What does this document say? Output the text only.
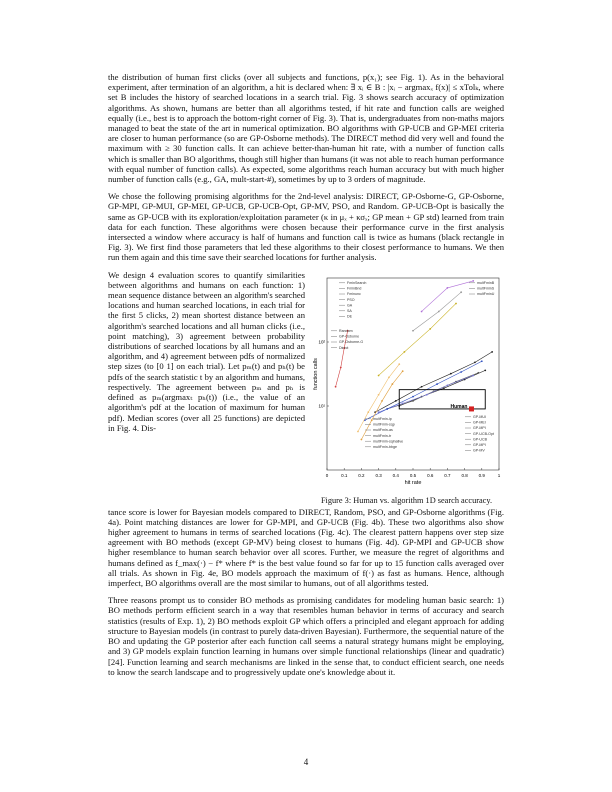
the distribution of human first clicks (over all subjects and functions, p(x₁); see Fig. 1). As in the behavioral experiment, after termination of an algorithm, a hit is declared when: ∃ xᵢ ∈ B : |xᵢ − argmaxₓ f(x)| ≤ xTolₖ, where set B includes the history of searched locations in a search trial. Fig. 3 shows search accuracy of optimization algorithms. As shown, humans are better than all algorithms tested, if hit rate and function calls are weighed equally (i.e., best is to approach the bottom-right corner of Fig. 3). That is, undergraduates from non-maths majors managed to beat the state of the art in numerical optimization. BO algorithms with GP-UCB and GP-MEI criteria are closer to human performance (so are GP-Osborne methods). The DIRECT method did very well and found the maximum with ≥ 30 function calls. It can achieve better-than-human hit rate, with a number of function calls which is smaller than BO algorithms, though still higher than humans (it was not able to reach human performance with equal number of function calls). As expected, some algorithms reach human accuracy but with much higher number of function calls (e.g., GA, mult-start-#), sometimes by up to 3 orders of magnitude.

We chose the following promising algorithms for the 2nd-level analysis: DIRECT, GP-Osborne-G, GP-Osborne, GP-MPI, GP-MUI, GP-MEI, GP-UCB, GP-UCB-Opt, GP-MV, PSO, and Random. GP-UCB-Opt is basically the same as GP-UCB with its exploration/exploitation parameter (κ in μₓ + κσₓ; GP mean + GP std) learned from train data for each function. These algorithms were chosen because their performance curve in the first analysis intersected a window where accuracy is half of humans and function call is twice as humans (black rectangle in Fig. 3). We first find those parameters that led these algorithms to their closest performance to humans. We then run them again and this time save their searched locations for further analysis.

We design 4 evaluation scores to quantify similarities between algorithms and humans on each function: 1) mean sequence distance between an algorithm's searched locations and human searched locations, in each trial for the first 5 clicks, 2) mean shortest distance between an algorithm's searched locations and all human clicks (i.e., point matching), 3) agreement between probability distributions of searched locations by all humans and an algorithm, and 4) agreement between pdfs of normalized step sizes (to [0 1] on each trial). Let pₘ(t) and pₕ(t) be pdfs of the search statistic t by an algorithm and humans, respectively. The agreement between pₘ and pₕ is defined as pₘ(argmaxₜ pₕ(t)) (i.e., the value of an algorithm's pdf at the location of maximum for human pdf). Median scores (over all 25 functions) are depicted in Fig. 4. Dis-

0	0.1 0.2 0.3 0.4 0.5 0.6 0.7 0.8 0.9	1
10¹
10²
hit rate
function calls
Human
FminSearch
FminBnd
Fminunc
PSO
GA
SA
DE
Random
GP-Osborne
GP-Osborne-G
Direct
multFminB
multFminS
multFminU
multFmin-ip
multFmin-sqp
multFmin-as
multFmin-tr
multFmin-sqlnative
multFmin-bbge
GP-MUI
GP-MEI
GP-MPI
GP-UCB-Opt
GP-UCB
GP-MPI
GP-MV
Figure 3: Human vs. algorithm 1D search accuracy.

tance score is lower for Bayesian models compared to DIRECT, Random, PSO, and GP-Osborne algorithms (Fig. 4a). Point matching distances are lower for GP-MPI, and GP-UCB (Fig. 4b). These two algorithms also show higher agreement to humans in terms of searched locations (Fig. 4c). The clearest pattern happens over step size agreement with BO methods (except GP-MV) being closest to humans (Fig. 4d). GP-MPI and GP-UCB show higher resemblance to human search behavior over all scores. Further, we measure the regret of algorithms and humans defined as f_max(·) − f* where f* is the best value found so far for up to 15 function calls averaged over all trials. As shown in Fig. 4e, BO models approach the maximum of f(·) as fast as humans. Hence, although imperfect, BO algorithms overall are the most similar to humans, out of all algorithms tested.

Three reasons prompt us to consider BO methods as promising candidates for modeling human basic search: 1) BO methods perform efficient search in a way that resembles human behavior in terms of accuracy and search statistics (results of Exp. 1), 2) BO methods exploit GP which offers a principled and elegant approach for adding structure to Bayesian models (in contrast to purely data-driven Bayesian). Furthermore, the sequential nature of the BO and updating the GP posterior after each function call seems a natural strategy humans might be employing, and 3) GP models explain function learning in humans over simple functional relationships (linear and quadratic) [24]. Function learning and search mechanisms are linked in the sense that, to conduct efficient search, one needs to know the search landscape and to progressively update one's knowledge about it.

4
